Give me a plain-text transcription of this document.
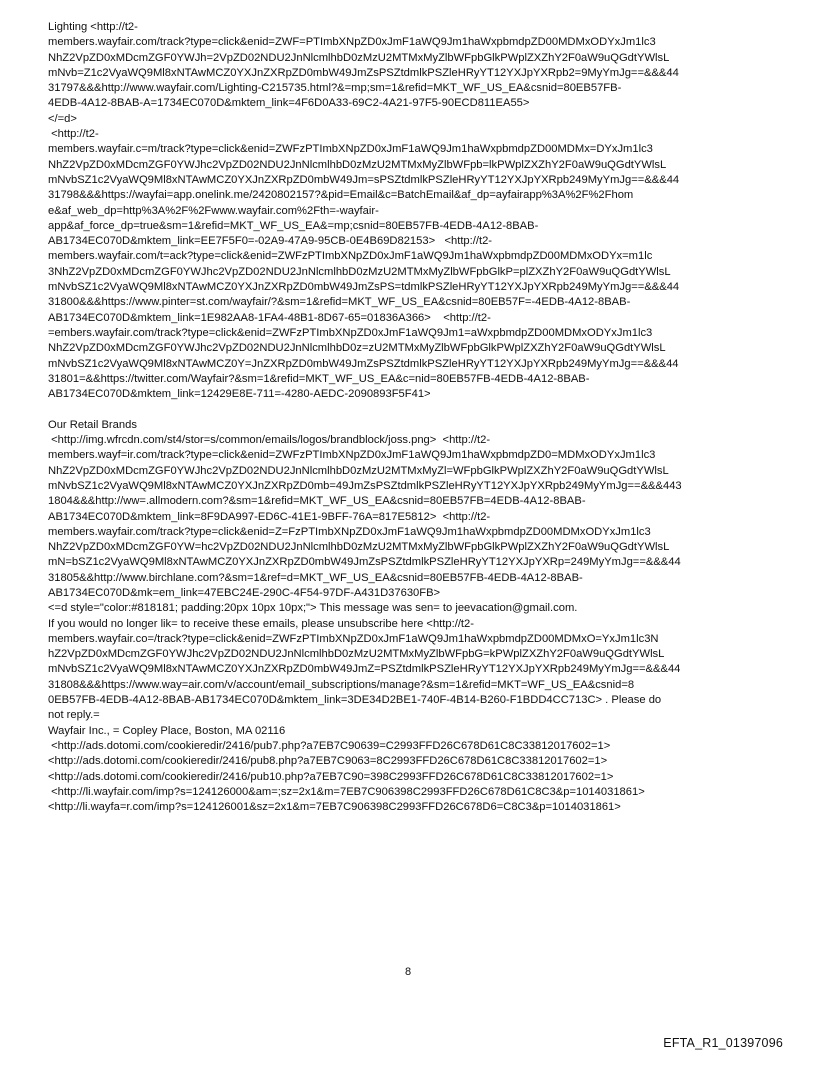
Lighting <http://t2-
members.wayfair.com/track?type=click&enid=ZWF=PTImbXNpZD0xJmF1aWQ9Jm1haWxpbmdpZD00MDMxODYxJm1lc3
NhZ2VpZD0xMDcmZGF0YWJh=2VpZD02NDU2JnNlcmlhbD0zMzU2MTMxMyZlbWFpbGlkPWplZXZhY2F0aW9uQGdtYWlsL
mNvb=Z1c2VyaWQ9Ml8xNTAwMCZ0YXJnZXRpZD0mbW49JmZsPSZtdmlkPSZleHRyYT12YXJpYXRpb2=9MyYmJg==&&&44
31797&&&http://www.wayfair.com/Lighting-C215735.html?&=mp;sm=1&refid=MKT_WF_US_EA&csnid=80EB57FB-
4EDB-4A12-8BAB-A=1734EC070D&mktem_link=4F6D0A33-69C2-4A21-97F5-90ECD811EA55>
</=d>
<http://t2-
members.wayfair.c=m/track?type=click&enid=ZWFzPTImbXNpZD0xJmF1aWQ9Jm1haWxpbmdpZD00MDMx=DYxJm1lc3
NhZ2VpZD0xMDcmZGF0YWJhc2VpZD02NDU2JnNlcmlhbD0zMzU2MTMxMyZlbWFpb=lkPWplZXZhY2F0aW9uQGdtYWlsL
mNvbSZ1c2VyaWQ9Ml8xNTAwMCZ0YXJnZXRpZD0mbW49Jm=sPSZtdmlkPSZleHRyYT12YXJpYXRpb249MyYmJg==&&&44
31798&&&https://wayfai=app.onelink.me/2420802157?&pid=Email&c=BatchEmail&af_dp=ayfairapp%3A%2F%2Fhom
e&af_web_dp=http%3A%2F%2Fwww.wayfair.com%2Fth=-wayfair-
app&af_force_dp=true&sm=1&refid=MKT_WF_US_EA&=mp;csnid=80EB57FB-4EDB-4A12-8BAB-
AB1734EC070D&mktem_link=EE7F5F0=-02A9-47A9-95CB-0E4B69D82153>   <http://t2-
members.wayfair.com/t=ack?type=click&enid=ZWFzPTImbXNpZD0xJmF1aWQ9Jm1haWxpbmdpZD00MDMxODYx=m1lc
3NhZ2VpZD0xMDcmZGF0YWJhc2VpZD02NDU2JnNlcmlhbD0zMzU2MTMxMyZlbWFpbGlkP=plZXZhY2F0aW9uQGdtYWlsL
mNvbSZ1c2VyaWQ9Ml8xNTAwMCZ0YXJnZXRpZD0mbW49JmZsPS=tdmlkPSZleHRyYT12YXJpYXRpb249MyYmJg==&&&44
31800&&&https://www.pinter=st.com/wayfair/?&sm=1&refid=MKT_WF_US_EA&csnid=80EB57F=-4EDB-4A12-8BAB-
AB1734EC070D&mktem_link=1E982AA8-1FA4-48B1-8D67-65=01836A366>    <http://t2-
=embers.wayfair.com/track?type=click&enid=ZWFzPTImbXNpZD0xJmF1aWQ9Jm1=aWxpbmdpZD00MDMxODYxJm1lc3
NhZ2VpZD0xMDcmZGF0YWJhc2VpZD02NDU2JnNlcmlhbD0z=zU2MTMxMyZlbWFpbGlkPWplZXZhY2F0aW9uQGdtYWlsL
mNvbSZ1c2VyaWQ9Ml8xNTAwMCZ0Y=JnZXRpZD0mbW49JmZsPSZtdmlkPSZleHRyYT12YXJpYXRpb249MyYmJg==&&&44
31801=&&https://twitter.com/Wayfair?&sm=1&refid=MKT_WF_US_EA&c=nid=80EB57FB-4EDB-4A12-8BAB-
AB1734EC070D&mktem_link=12429E8E-711=-4280-AEDC-2090893F5F41>
Our Retail Brands
<http://img.wfrcdn.com/st4/stor=s/common/emails/logos/brandblock/joss.png>  <http://t2-
members.wayf=ir.com/track?type=click&enid=ZWFzPTImbXNpZD0xJmF1aWQ9Jm1haWxpbmdpZD0=MDMxODYxJm1lc3
NhZ2VpZD0xMDcmZGF0YWJhc2VpZD02NDU2JnNlcmlhbD0zMzU2MTMxMyZl=WFpbGlkPWplZXZhY2F0aW9uQGdtYWlsL
mNvbSZ1c2VyaWQ9Ml8xNTAwMCZ0YXJnZXRpZD0mb=49JmZsPSZtdmlkPSZleHRyYT12YXJpYXRpb249MyYmJg==&&&443
1804&&&http://ww=.allmodern.com?&sm=1&refid=MKT_WF_US_EA&csnid=80EB57FB=4EDB-4A12-8BAB-
AB1734EC070D&mktem_link=8F9DA997-ED6C-41E1-9BFF-76A=817E5812>  <http://t2-
members.wayfair.com/track?type=click&enid=Z=FzPTImbXNpZD0xJmF1aWQ9Jm1haWxpbmdpZD00MDMxODYxJm1lc3
NhZ2VpZD0xMDcmZGF0YW=hc2VpZD02NDU2JnNlcmlhbD0zMzU2MTMxMyZlbWFpbGlkPWplZXZhY2F0aW9uQGdtYWlsL
mN=bSZ1c2VyaWQ9Ml8xNTAwMCZ0YXJnZXRpZD0mbW49JmZsPSZtdmlkPSZleHRyYT12YXJpYXRp=249MyYmJg==&&&44
31805&&http://www.birchlane.com?&sm=1&ref=d=MKT_WF_US_EA&csnid=80EB57FB-4EDB-4A12-8BAB-
AB1734EC070D&mk=em_link=47EBC24E-290C-4F54-97DF-A431D37630FB>
<=d style="color:#818181; padding:20px 10px 10px;"> This message was sen= to jeevacation@gmail.com.
If you would no longer lik= to receive these emails, please unsubscribe here <http://t2-
members.wayfair.co=/track?type=click&enid=ZWFzPTImbXNpZD0xJmF1aWQ9Jm1haWxpbmdpZD00MDMxO=YxJm1lc3N
hZ2VpZD0xMDcmZGF0YWJhc2VpZD02NDU2JnNlcmlhbD0zMzU2MTMxMyZlbWFpbG=kPWplZXZhY2F0aW9uQGdtYWlsL
mNvbSZ1c2VyaWQ9Ml8xNTAwMCZ0YXJnZXRpZD0mbW49JmZ=PSZtdmlkPSZleHRyYT12YXJpYXRpb249MyYmJg==&&&44
31808&&&https://www.way=air.com/v/account/email_subscriptions/manage?&sm=1&refid=MKT=WF_US_EA&csnid=8
0EB57FB-4EDB-4A12-8BAB-AB1734EC070D&mktem_link=3DE34D2BE1-740F-4B14-B260-F1BDD4CC713C> . Please do
not reply.=
Wayfair Inc., = Copley Place, Boston, MA 02116
<http://ads.dotomi.com/cookieredir/2416/pub7.php?a7EB7C90639=C2993FFD26C678D61C8C33812017602=1>
<http://ads.dotomi.com/cookieredir/2416/pub8.php?a7EB7C9063=8C2993FFD26C678D61C8C33812017602=1>
<http://ads.dotomi.com/cookieredir/2416/pub10.php?a7EB7C90=398C2993FFD26C678D61C8C33812017602=1>
<http://li.wayfair.com/imp?s=124126000&am=;sz=2x1&m=7EB7C906398C2993FFD26C678D61C8C3&p=1014031861>
<http://li.wayfa=r.com/imp?s=124126001&sz=2x1&m=7EB7C906398C2993FFD26C678D6=C8C3&p=1014031861>
8
EFTA_R1_01397096
